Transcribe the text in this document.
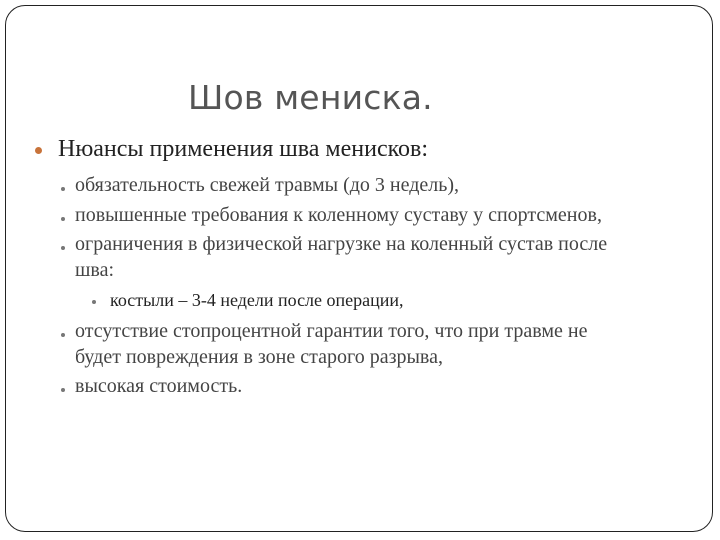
Шов мениска.
Нюансы применения шва менисков:
обязательность свежей травмы (до 3 недель),
повышенные требования к коленному суставу у спортсменов,
ограничения в физической нагрузке на коленный сустав после
шва:
костыли – 3-4 недели после операции,
отсутствие стопроцентной гарантии того, что при травме не
будет повреждения в зоне старого разрыва,
высокая стоимость.
